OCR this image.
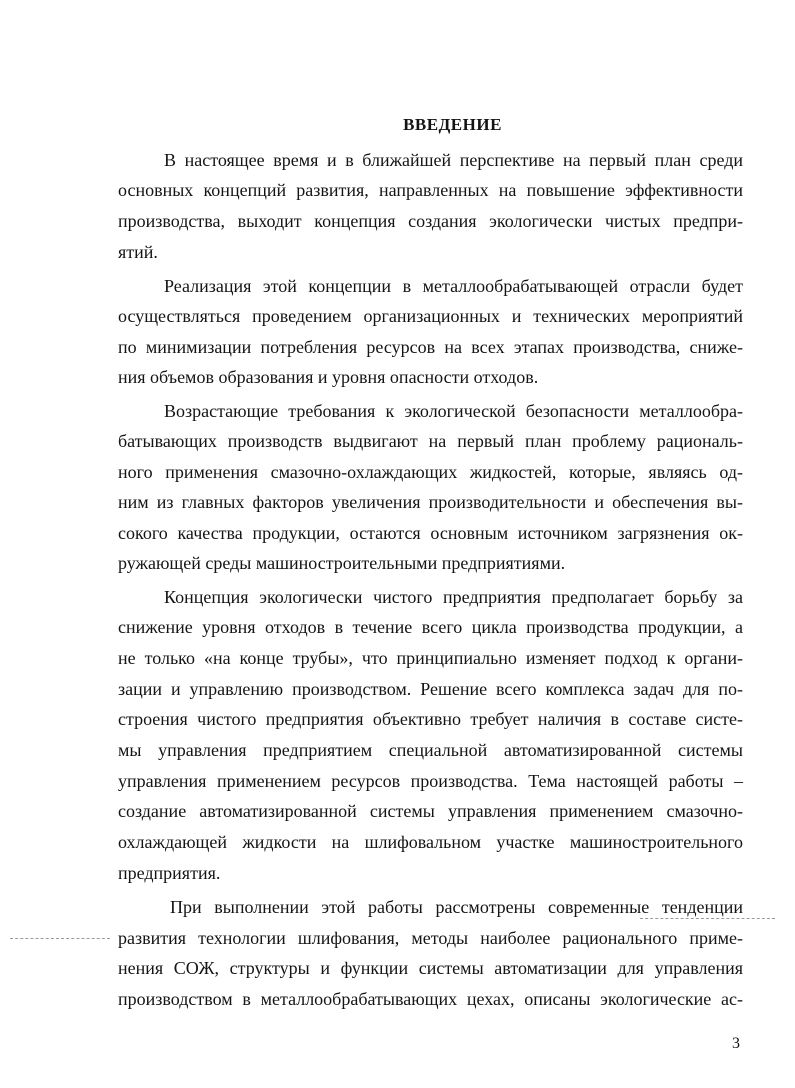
ВВЕДЕНИЕ
В настоящее время и в ближайшей перспективе на первый план среди
основных концепций развития, направленных на повышение эффективности
производства, выходит концепция создания экологически чистых предпри-
ятий.
Реализация этой концепции в металлообрабатывающей отрасли будет
осуществляться проведением организационных и технических мероприятий
по минимизации потребления ресурсов на всех этапах производства, сниже-
ния объемов образования и уровня опасности отходов.
Возрастающие требования к экологической безопасности металлообра-
батывающих производств выдвигают на первый план проблему рациональ-
ного применения смазочно-охлаждающих жидкостей, которые, являясь од-
ним из главных факторов увеличения производительности и обеспечения вы-
сокого качества продукции, остаются основным источником загрязнения ок-
ружающей среды машиностроительными предприятиями.
Концепция экологически чистого предприятия предполагает борьбу за
снижение уровня отходов в течение всего цикла производства продукции, а
не только «на конце трубы», что принципиально изменяет подход к органи-
зации и управлению производством. Решение всего комплекса задач для по-
строения чистого предприятия объективно требует наличия в составе систе-
мы управления предприятием специальной автоматизированной системы
управления применением ресурсов производства. Тема настоящей работы –
создание автоматизированной системы управления применением смазочно-
охлаждающей жидкости на шлифовальном участке машиностроительного
предприятия.
При выполнении этой работы рассмотрены современные тенденции
развития технологии шлифования, методы наиболее рационального приме-
нения СОЖ, структуры и функции системы автоматизации для управления
производством в металлообрабатывающих цехах, описаны экологические ас-
3
